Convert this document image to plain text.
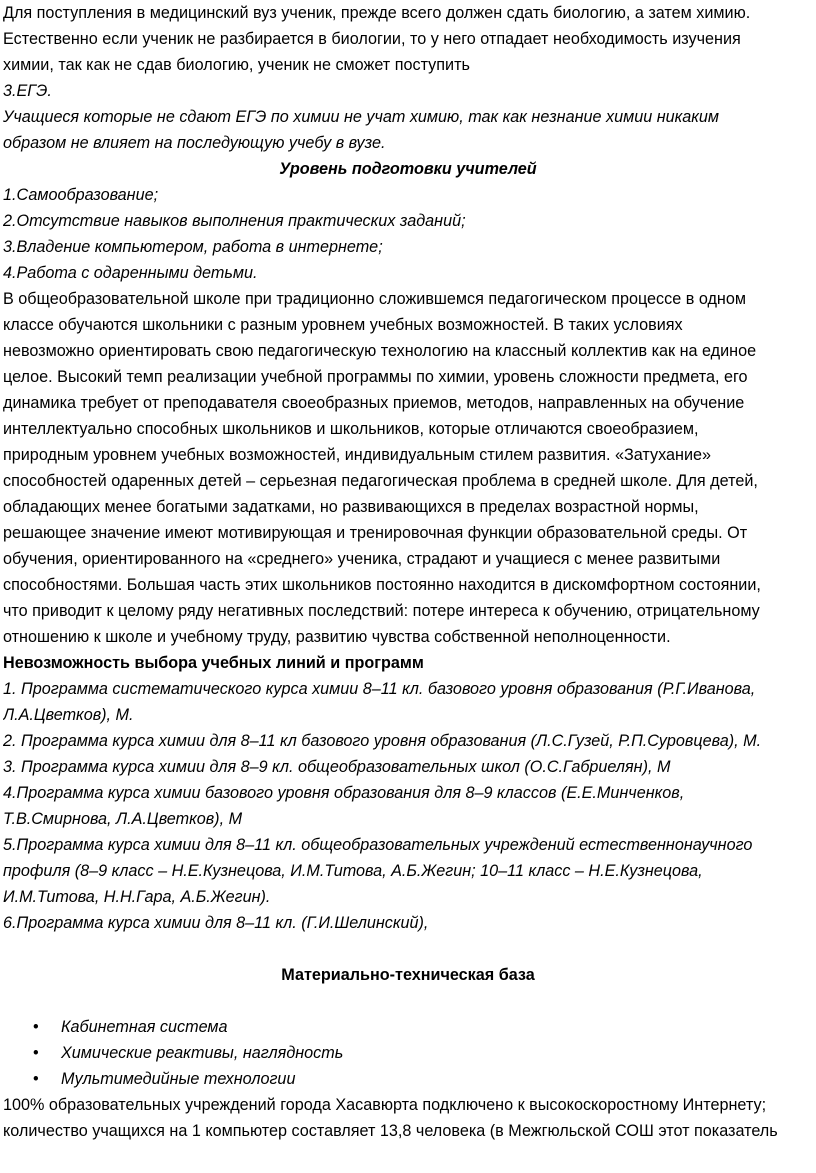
Для поступления в медицинский вуз ученик, прежде всего должен сдать биологию, а затем химию.
Естественно если ученик не разбирается в биологии, то у него отпадает необходимость изучения
химии, так как не сдав биологию, ученик не сможет поступить
3.ЕГЭ.
Учащиеся которые не сдают ЕГЭ по химии не учат химию, так как незнание химии никаким
образом не влияет на последующую учебу в вузе.
Уровень подготовки учителей
1.Самообразование;
2.Отсутствие навыков выполнения практических заданий;
3.Владение компьютером, работа в интернете;
4.Работа с одаренными детьми.
В общеобразовательной школе при традиционно сложившемся педагогическом процессе в одном
классе обучаются школьники с разным уровнем учебных возможностей. В таких условиях
невозможно ориентировать свою педагогическую технологию на классный коллектив как на единое
целое. Высокий темп реализации учебной программы по химии, уровень сложности предмета, его
динамика требует от преподавателя своеобразных приемов, методов, направленных на обучение
интеллектуально способных школьников и школьников, которые отличаются своеобразием,
природным уровнем учебных возможностей, индивидуальным стилем развития. «Затухание»
способностей одаренных детей – серьезная педагогическая проблема в средней школе. Для детей,
обладающих менее богатыми задатками, но развивающихся в пределах возрастной нормы,
решающее значение имеют мотивирующая и тренировочная функции образовательной среды. От
обучения, ориентированного на «среднего» ученика, страдают и учащиеся с менее развитыми
способностями. Большая часть этих школьников постоянно находится в дискомфортном состоянии,
что приводит к целому ряду негативных последствий: потере интереса к обучению, отрицательному
отношению к школе и учебному труду, развитию чувства собственной неполноценности.
Невозможность выбора учебных линий и программ
1. Программа систематического курса химии 8–11 кл. базового уровня образования (Р.Г.Иванова,
Л.А.Цветков), М.
2. Программа курса химии для 8–11 кл базового уровня образования (Л.С.Гузей, Р.П.Суровцева), М.
3. Программа курса химии для 8–9 кл. общеобразовательных школ (О.С.Габриелян), М
4.Программа курса химии базового уровня образования для 8–9 классов (Е.Е.Минченков,
Т.В.Смирнова, Л.А.Цветков), М
5.Программа курса химии для 8–11 кл. общеобразовательных учреждений естественнонаучного
профиля (8–9 класс – Н.Е.Кузнецова, И.М.Титова, А.Б.Жегин; 10–11 класс – Н.Е.Кузнецова,
И.М.Титова, Н.Н.Гара, А.Б.Жегин).
6.Программа курса химии для 8–11 кл. (Г.И.Шелинский),
Материально-техническая база
• Кабинетная система
• Химические реактивы, наглядность
• Мультимедийные технологии
100% образовательных учреждений города Хасавюрта подключено к высокоскоростному Интернету;
количество учащихся на 1 компьютер составляет 13,8 человека (в Межгюльской СОШ этот показатель
